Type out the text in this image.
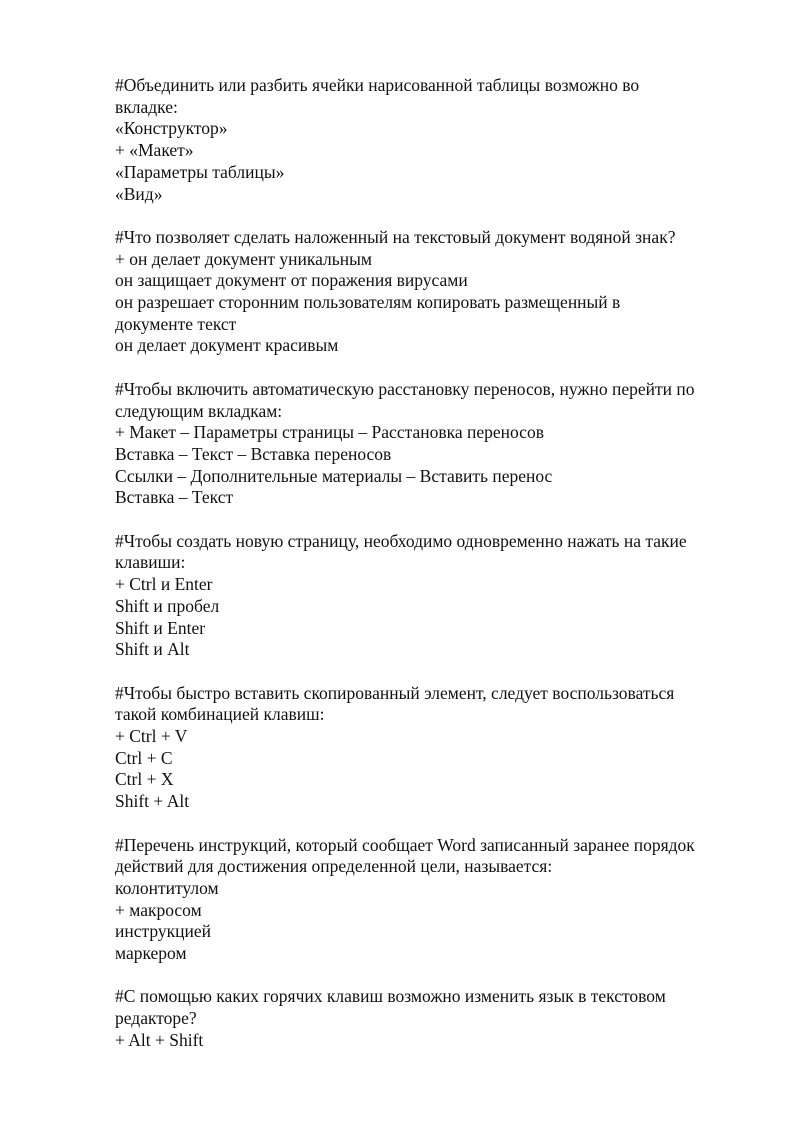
#Объединить или разбить ячейки нарисованной таблицы возможно во
вкладке:
«Конструктор»
+ «Макет»
«Параметры таблицы»
«Вид»
#Что позволяет сделать наложенный на текстовый документ водяной знак?
+ он делает документ уникальным
он защищает документ от поражения вирусами
он разрешает сторонним пользователям копировать размещенный в
документе текст
он делает документ красивым
#Чтобы включить автоматическую расстановку переносов, нужно перейти по
следующим вкладкам:
+ Макет – Параметры страницы – Расстановка переносов
Вставка – Текст – Вставка переносов
Ссылки – Дополнительные материалы – Вставить перенос
Вставка – Текст
#Чтобы создать новую страницу, необходимо одновременно нажать на такие
клавиши:
+ Ctrl и Enter
Shift и пробел
Shift и Enter
Shift и Alt
#Чтобы быстро вставить скопированный элемент, следует воспользоваться
такой комбинацией клавиш:
+ Ctrl + V
Ctrl + C
Ctrl + X
Shift + Alt
#Перечень инструкций, который сообщает Word записанный заранее порядок
действий для достижения определенной цели, называется:
колонтитулом
+ макросом
инструкцией
маркером
#С помощью каких горячих клавиш возможно изменить язык в текстовом
редакторе?
+ Alt + Shift
